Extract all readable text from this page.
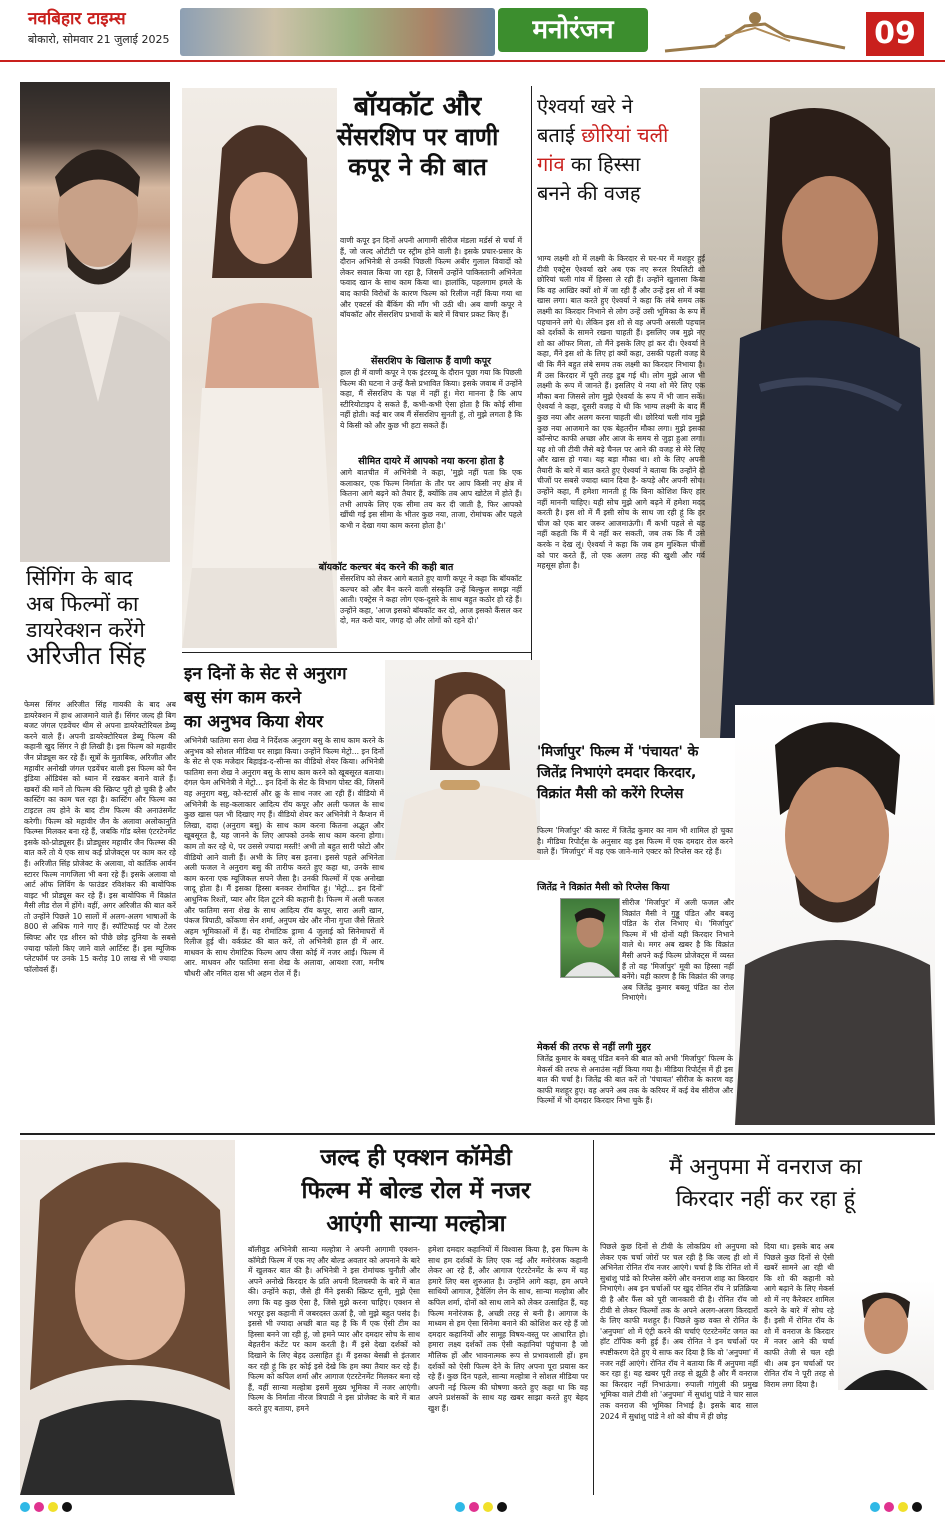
नवबिहार टाइम्स
बोकारो, सोमवार 21 जुलाई 2025	मनोरंजन	09
सिंगिंग के बाद
अब फिल्मों का
डायरेक्शन करेंगे
अरिजीत सिंह
फेमस सिंगर अरिजीत सिंह गायकी के बाद अब डायरेक्शन में हाथ आजमाने वाले हैं। सिंगर जल्द ही बिग बजट जंगल एडवेंचर थीम से अपना डायरेक्टोरियल डेब्यू करने वाले हैं। अपनी डायरेक्टोरियल डेब्यू फिल्म की कहानी खुद सिंगर ने ही लिखी है। इस फिल्म को महावीर जैन प्रोड्यूस कर रहे हैं। सूत्रों के मुताबिक, अरिजीत और महावीर अनोखी जंगल एडवेंचर वाली इस फिल्म को पैन इंडिया ऑडियंस को ध्यान में रखकर बनाने वाले हैं। खबरों की मानें तो फिल्म की स्क्रिप्ट पूरी हो चुकी है और कास्टिंग का काम चल रहा है। कास्टिंग और फिल्म का टाइटल तय होने के बाद टीम फिल्म की अनाउंसमेंट करेगी। फिल्म को महावीर जैन के अलावा अलोकानुति फिल्म्स मिलकर बना रहे हैं, जबकि गॉड ब्लेस एंटरटेनमेंट इसके को-प्रोड्यूसर हैं। प्रोड्यूसर महावीर जैन फिल्म्स की बात करें तो ये एक साथ कई प्रोजेक्ट्स पर काम कर रहे हैं। अरिजीत सिंह प्रोजेक्ट के अलावा, वो कार्तिक आर्यन स्टारर फिल्म नागजिला भी बना रहे हैं। इसके अलावा वो आर्ट ऑफ लिविंग के फाउंडर रविशंकर की बायोपिक वाइट भी प्रोड्यूस कर रहे हैं। इस बायोपिक में विक्रांत मैसी लीड रोल में होंगे। वहीं, अगर अरिजीत की बात करें तो उन्होंने पिछले 10 सालों में अलग-अलग भाषाओं के 800 से अधिक गाने गाए हैं। स्पॉटिफाई पर वो टेलर स्विफ्ट और एड शीरन को पीछे छोड़ दुनिया के सबसे ज्यादा फॉलो किए जाने वाले आर्टिस्ट हैं। इस म्यूजिक प्लेटफॉर्म पर उनके 15 करोड़ 10 लाख से भी ज्यादा फॉलोवर्स हैं।
बॉयकॉट और
सेंसरशिप पर वाणी
कपूर ने की बात
वाणी कपूर इन दिनों अपनी आगामी सीरीज मंडला मर्डर्स से चर्चा में हैं, जो जल्द ओटीटी पर स्ट्रीम होने वाली है। इसके प्रचार-प्रसार के दौरान अभिनेत्री से उनकी पिछली फिल्म अबीर गुलाल विवादों को लेकर सवाल किया जा रहा है, जिसमें उन्होंने पाकिस्तानी अभिनेता फवाद खान के साथ काम किया था। हालांकि, पहलगाम हमले के बाद काफी विरोधों के कारण फिल्म को रिलीज नहीं किया गया था और एक्टर्स की बैंकिंग की माँग भी उठी थी। अब वाणी कपूर ने बॉयकॉट और सेंसरशिप प्रभावों के बारे में विचार प्रकट किए हैं।
सेंसरशिप के खिलाफ हैं वाणी कपूर
हाल ही में वाणी कपूर ने एक इंटरव्यू के दौरान पूछा गया कि पिछली फिल्म की घटना ने उन्हें कैसे प्रभावित किया। इसके जवाब में उन्होंने कहा, मैं सेंसरशिप के पक्ष में नहीं हूं। मेरा मानना है कि आप स्टीरियोटाइप दे सकते हैं, कभी-कभी ऐसा होता है कि कोई सीमा नहीं होती। कई बार जब मैं सेंसरशिप सुनती हूं, तो मुझे लगता है कि ये किसी को और कुछ भी हटा सकते हैं।
सीमित दायरे में आपको नया करना होता है
आगे बातचीत में अभिनेत्री ने कहा, 'मुझे नहीं पता कि एक कलाकार, एक फिल्म निर्माता के तौर पर आप किसी नए क्षेत्र में कितना आगे बढ़ने को तैयार हैं, क्योंकि तब आप खोटेल में होते हैं। तभी आपके लिए एक सीमा तय कर दी जाती है, फिर आपको खींची गई इस सीमा के भीतर कुछ नया, ताजा, रोमांचक और पहले कभी न देखा गया काम करना होता है।'
बॉयकॉट कल्चर बंद करने की कही बात
सेंसरशिप को लेकर आगे बताते हुए वाणी कपूर ने कहा कि बॉयकॉट कल्चर को और बैन करने वाली संस्कृति उन्हें बिल्कुल समझ नहीं आती। एक्ट्रेस ने कहा लोग एक-दूसरे के साथ बहुत कठोर हो रहे हैं। उन्होंने कहा, 'आज इसको बॉयकॉट कर दो, आज इसको कैंसल कर दो, मत करो यार, जगह दो और लोगों को रहने दो।'
ऐश्वर्या खरे ने
बताई छोरियां चली
गांव का हिस्सा
बनने की वजह
भाग्य लक्ष्मी शो में लक्ष्मी के किरदार से घर-घर में मशहूर हुईं टीवी एक्ट्रेस ऐश्वर्या खरे अब एक नए रूरल रियलिटी शो छोरियां चली गांव में हिस्सा ले रही हैं। उन्होंने खुलासा किया कि वह आखिर क्यों शो में जा रही हैं और उन्हें इस शो में क्या खास लगा। बात करते हुए ऐश्वर्या ने कहा कि लंबे समय तक लक्ष्मी का किरदार निभाने से लोग उन्हें उसी भूमिका के रूप में पहचानने लगे थे। लेकिन इस शो से वह अपनी असली पहचान को दर्शकों के सामने रखना चाहती हैं। इसलिए जब मुझे नए शो का ऑफर मिला, तो मैंने इसके लिए हां कर दी। ऐश्वर्या ने कहा, मैंने इस शो के लिए हां क्यों कहा, उसकी पहली वजह ये थी कि मैंने बहुत लंबे समय तक लक्ष्मी का किरदार निभाया है। मैं उस किरदार में पूरी तरह डूब गई थी। लोग मुझे आज भी लक्ष्मी के रूप में जानते हैं। इसलिए ये नया शो मेरे लिए एक मौका बना जिससे लोग मुझे ऐश्वर्या के रूप में भी जान सकें। ऐश्वर्या ने कहा, दूसरी वजह ये थी कि भाग्य लक्ष्मी के बाद मैं कुछ नया और अलग करना चाहती थी। छोरियां चली गांव मुझे कुछ नया आजमाने का एक बेहतरीन मौका लगा। मुझे इसका कॉन्सेप्ट काफी अच्छा और आज के समय से जुड़ा हुआ लगा। यह शो जी टीवी जैसे बड़े चैनल पर आने की वजह से मेरे लिए और खास हो गया। यह बड़ा मौका था। शो के लिए अपनी तैयारी के बारे में बात करते हुए ऐश्वर्या ने बताया कि उन्होंने दो चीजों पर सबसे ज्यादा ध्यान दिया है- कपड़े और अपनी सोच। उन्होंने कहा, मैं हमेशा मानती हूं कि बिना कोशिश किए हार नहीं माननी चाहिए। यही सोच मुझे आगे बढ़ने में हमेशा मदद करती है। इस शो में मैं इसी सोच के साथ जा रही हूं कि हर चीज को एक बार जरूर आजमाऊंगी। मैं कभी पहले से यह नहीं कहती कि मैं ये नहीं कर सकती, जब तक कि मैं उसे करके न देख लूं। ऐश्वर्या ने कहा कि जब हम मुश्किल चीजों को पार करते हैं, तो एक अलग तरह की खुशी और गर्व महसूस होता है।
इन दिनों के सेट से अनुराग
बसु संग काम करने
का अनुभव किया शेयर
अभिनेत्री फातिमा सना शेख ने निर्देशक अनुराग बसु के साथ काम करने के अनुभव को सोशल मीडिया पर साझा किया। उन्होंने फिल्म मेट्रो... इन दिनों के सेट से एक मजेदार बिहाइंड-द-सीन्स का वीडियो शेयर किया। अभिनेत्री फातिमा सना शेख ने अनुराग बसु के साथ काम करने को खूबसूरत बताया। दंगल फेम अभिनेत्री ने मेट्रो... इन दिनों के सेट के विभाग पोस्ट की, जिसमें वह अनुराग बसु, को-स्टार्स और क्रू के साथ नजर आ रही हैं। वीडियो में अभिनेत्री के सह-कलाकार आदित्य रॉय कपूर और अली फजल के साथ कुछ खास पल भी दिखाए गए हैं। वीडियो शेयर कर अभिनेत्री ने कैप्शन में लिखा, दादा (अनुराग बसु) के साथ काम करना कितना अद्भुत और खूबसूरत है, यह जानने के लिए आपको उनके साथ काम करना होगा। काम तो कर रहे थे, पर उससे ज्यादा मस्ती! अभी तो बहुत सारी फोटो और वीडियो आने वाली हैं। अभी के लिए बस इतना। इससे पहले अभिनेता अली फजल ने अनुराग बसु की तारीफ करते हुए कहा था, उनके साथ काम करना एक म्यूजिकल सपने जैसा है। उनकी फिल्मों में एक अनोखा जादू होता है। मैं इसका हिस्सा बनकर रोमांचित हूं। 'मेट्रो... इन दिनों' आधुनिक रिश्तों, प्यार और दिल टूटने की कहानी है। फिल्म में अली फजल और फातिमा सना शेख के साथ आदित्य रॉय कपूर, सारा अली खान, पंकज त्रिपाठी, कोंकणा सेन शर्मा, अनुपम खेर और नीना गुप्ता जैसे सितारे अहम भूमिकाओं में हैं। यह रोमांटिक ड्रामा 4 जुलाई को सिनेमाघरों में रिलीज हुई थी। वर्कफ्रंट की बात करें, तो अभिनेत्री हाल ही में आर. माधवन के साथ रोमांटिक फिल्म आप जैसा कोई में नजर आईं। फिल्म में आर. माधवन और फातिमा सना शेख के अलावा, आयशा रजा, मनीष चौधरी और नमित दास भी अहम रोल में हैं।
'मिर्जापुर' फिल्म में 'पंचायत' के
जितेंद्र निभाएंगे दमदार किरदार,
विक्रांत मैसी को करेंगे रिप्लेस
फिल्म 'मिर्जापुर' की कास्ट में जितेंद्र कुमार का नाम भी शामिल हो चुका है। मीडिया रिपोर्ट्स के अनुसार वह इस फिल्म में एक दमदार रोल करने वाले हैं। 'मिर्जापुर' में वह एक जाने-माने एक्टर को रिप्लेस कर रहे हैं।
जितेंद्र ने विक्रांत मैसी को रिप्लेस किया
सीरीज 'मिर्जापुर' में अली फजल और विक्रांत मैसी ने गुड्डू पंडित और बबलू पंडित के रोल निभाए थे। 'मिर्जापुर' फिल्म में भी दोनों यही किरदार निभाने वाले थे। मगर अब खबर है कि विक्रांत मैसी अपने कई फिल्म प्रोजेक्ट्स में व्यस्त हैं तो वह 'मिर्जापुर' मूवी का हिस्सा नहीं बनेंगे। यही कारण है कि विक्रांत की जगह अब जितेंद्र कुमार बबलू पंडित का रोल निभाएंगे।
मेकर्स की तरफ से नहीं लगी मुहर
जितेंद्र कुमार के बबलू पंडित बनने की बात को अभी 'मिर्जापुर' फिल्म के मेकर्स की तरफ से अनाउंस नहीं किया गया है। मीडिया रिपोर्ट्स में ही इस बात की चर्चा है। जितेंद्र की बात करें तो 'पंचायत' सीरीज के कारण वह काफी मशहूर हुए। वह अपने अब तक के करियर में कई वेब सीरीज और फिल्मों में भी दमदार किरदार निभा चुके हैं।
जल्द ही एक्शन कॉमेडी
फिल्म में बोल्ड रोल में नजर
आएंगी सान्या मल्होत्रा
बॉलीवुड अभिनेत्री सान्या मल्होत्रा ने अपनी आगामी एक्शन-कॉमेडी फिल्म में एक नए और बोल्ड अवतार को अपनाने के बारे में खुलकर बात की है। अभिनेत्री ने इस रोमांचक चुनौती और अपने अनोखे किरदार के प्रति अपनी दिलचस्पी के बारे में बात की। उन्होंने कहा, जैसे ही मैंने इसकी स्क्रिप्ट सुनी, मुझे ऐसा लगा कि यह कुछ ऐसा है, जिसे मुझे करना चाहिए। एक्शन से भरपूर इस कहानी में जबरदस्त ऊर्जा है, जो मुझे बहुत पसंद है। इससे भी ज्यादा अच्छी बात यह है कि मैं एक ऐसी टीम का हिस्सा बनने जा रही हूं, जो हमने प्यार और दमदार सोच के साथ बेहतरीन कंटेंट पर काम करती है। मैं इसे देखा दर्शकों को दिखाने के लिए बेहद उत्साहित हूं। मैं इसका बेसब्री से इंतजार कर रही हूं कि हर कोई इसे देखे कि हम क्या तैयार कर रहे हैं। फिल्म को कपिल शर्मा और आगाज एंटरटेनमेंट मिलकर बना रहे हैं, वहीं सान्या मल्होत्रा इसमें मुख्य भूमिका में नजर आएंगी। फिल्म के निर्माता नीरज त्रिपाठी ने इस प्रोजेक्ट के बारे में बात करते हुए बताया, हमने
हमेशा दमदार कहानियों में विश्वास किया है, इस फिल्म के साथ हम दर्शकों के लिए एक नई और मनोरंजक कहानी लेकर आ रहे हैं, और आगाज एंटरटेनमेंट के रूप में यह हमारे लिए बस शुरुआत है। उन्होंने आगे कहा, हम अपने साथियों आगाज, ट्रैवेलिंग लेन के साथ, सान्या मल्होत्रा और कपिल शर्मा, दोनों को साथ लाने को लेकर उत्साहित हैं, यह फिल्म मनोरंजक है, अच्छी तरह से बनी है। आगाज के माध्यम से हम ऐसा सिनेमा बनाने की कोशिश कर रहे हैं जो दमदार कहानियों और सामूह विषय-वस्तु पर आधारित हो। हमारा लक्ष्य दर्शकों तक ऐसी कहानियां पहुंचाना है जो मौलिक हों और भावनात्मक रूप से प्रभावशाली हों। हम दर्शकों को ऐसी फिल्म देने के लिए अपना पूरा प्रयास कर रहे हैं। कुछ दिन पहले, सान्या मल्होत्रा ने सोशल मीडिया पर अपनी नई फिल्म की घोषणा करते हुए कहा था कि वह अपने प्रशंसकों के साथ यह खबर साझा करते हुए बेहद खुश हैं।
मैं अनुपमा में वनराज का
किरदार नहीं कर रहा हूं
पिछले कुछ दिनों से टीवी के लोकप्रिय शो अनुपमा को लेकर एक चर्चा जोरों पर चल रही है कि जल्द ही शो में अभिनेता रोनित रॉय नजर आएंगे। चर्चा है कि रोनित शो में सुधांशु पांडे को रिप्लेस करेंगे और वनराज शाह का किरदार निभाएंगे। अब इन चर्चाओं पर खुद रोनित रॉय ने प्रतिक्रिया दी है और फैंस को पूरी जानकारी दी है। रोनित रॉय जो टीवी से लेकर फिल्मों तक के अपने अलग-अलग किरदारों के लिए काफी मशहूर हैं। पिछले कुछ वक्त से रोनित के 'अनुपमा' शो में एंट्री करने की चर्चाएं एंटरटेनमेंट जगत का हॉट टॉपिक बनी हुई हैं। अब रोनित ने इन चर्चाओं पर स्पष्टीकरण देते हुए ये साफ कर दिया है कि वो 'अनुपमा' में नजर नहीं आएंगे। रोनित रॉय ने बताया कि मैं अनुपमा नहीं कर रहा हूं। यह खबर पूरी तरह से झूठी है और मैं वनराज का किरदार नहीं निभाऊंगा। रुपाली गांगुली की प्रमुख भूमिका वाले टीवी शो 'अनुपमा' में सुधांशु पांडे ने चार साल तक वनराज की भूमिका निभाई है। इसके बाद साल 2024 में सुधांशु पांडे ने शो को बीच में ही छोड़
दिया था। इसके बाद अब पिछले कुछ दिनों से ऐसी खबरें सामने आ रही थी कि शो की कहानी को आगे बढ़ाने के लिए मेकर्स शो में नए कैरेक्टर शामिल करने के बारे में सोच रहे हैं। इसी में रोनित रॉय के शो में वनराज के किरदार में नजर आने की चर्चा काफी तेजी से चल रही थी। अब इन चर्चाओं पर रोनित रॉय ने पूरी तरह से विराम लगा दिया है।
